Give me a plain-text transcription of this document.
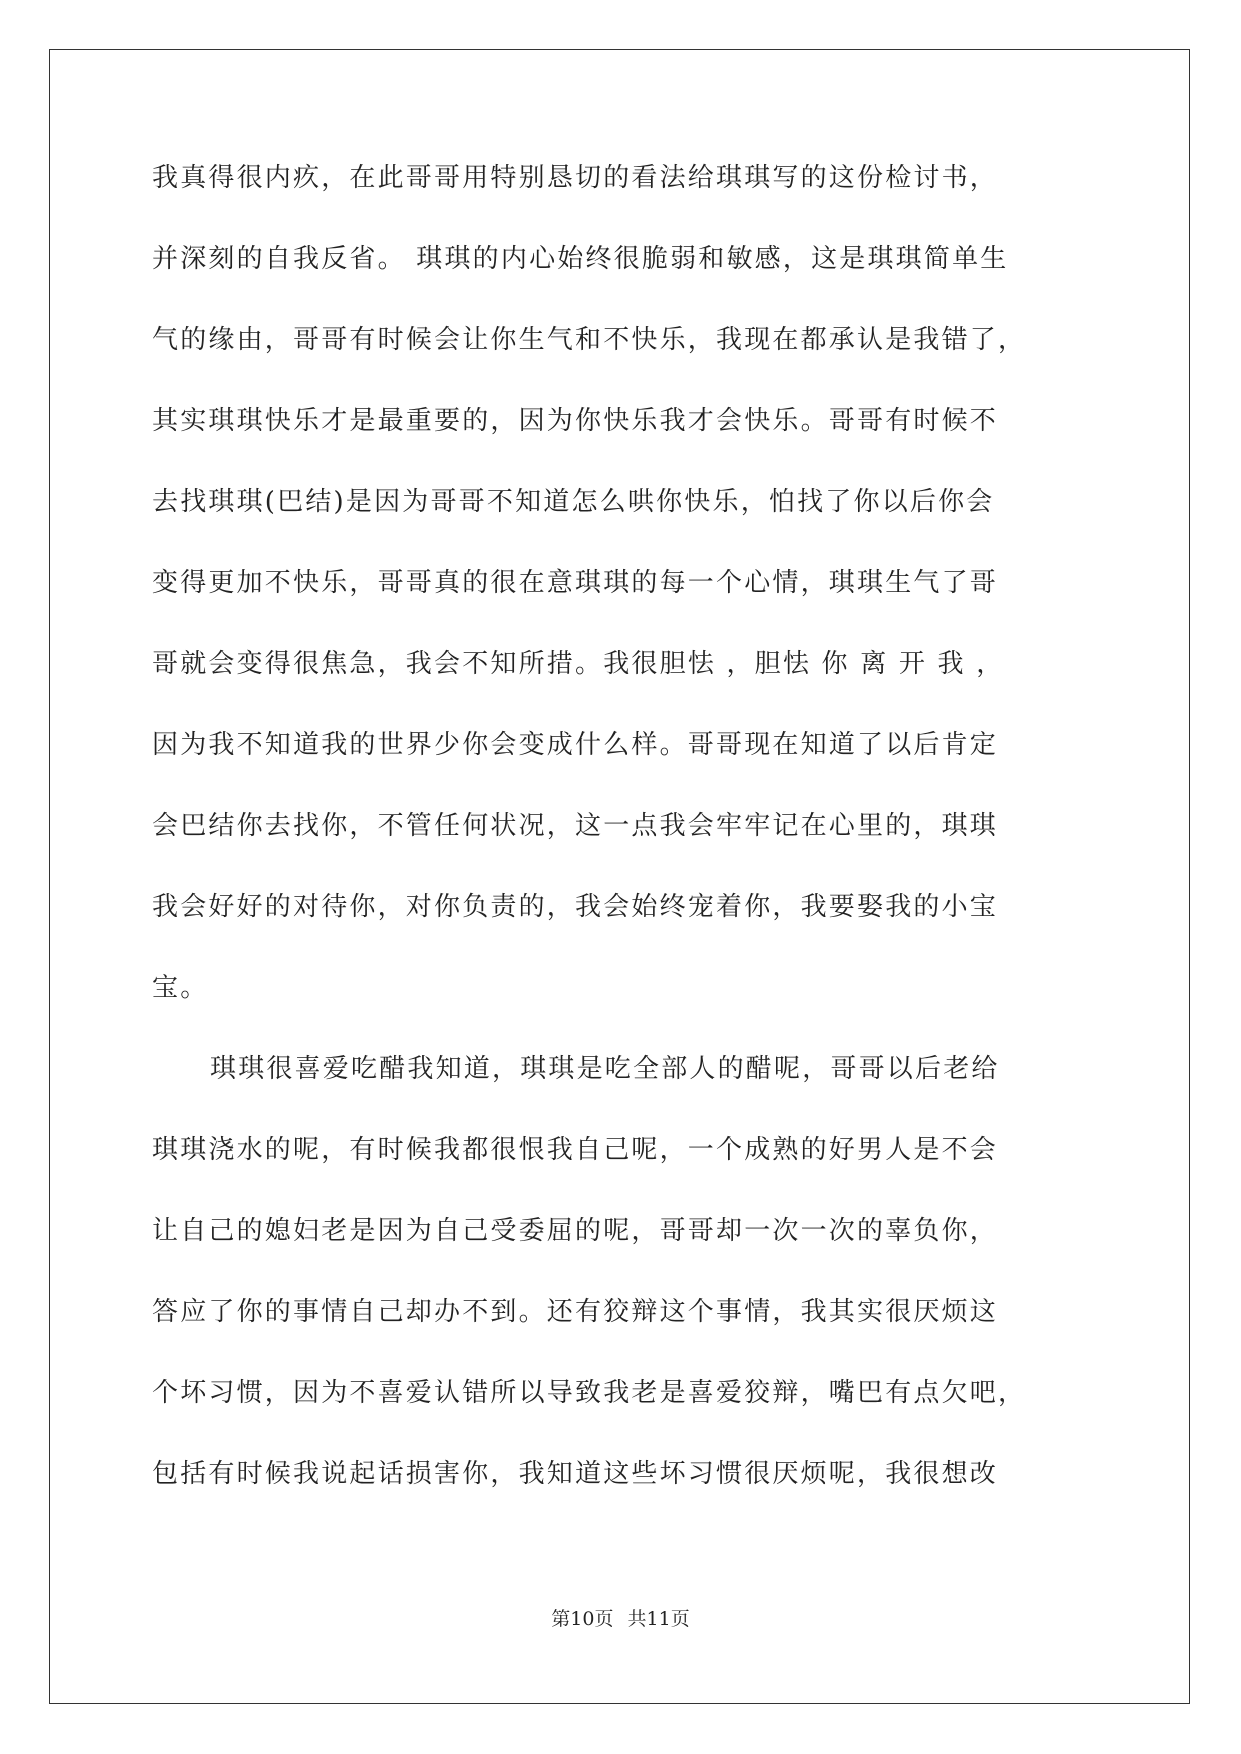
我真得很内疚，在此哥哥用特别恳切的看法给琪琪写的这份检讨书，
并深刻的自我反省。 琪琪的内心始终很脆弱和敏感，这是琪琪简单生
气的缘由，哥哥有时候会让你生气和不快乐，我现在都承认是我错了，
其实琪琪快乐才是最重要的，因为你快乐我才会快乐。哥哥有时候不
去找琪琪(巴结)是因为哥哥不知道怎么哄你快乐，怕找了你以后你会
变得更加不快乐，哥哥真的很在意琪琪的每一个心情，琪琪生气了哥
哥就会变得很焦急，我会不知所措。我很胆怯 ，胆怯 你 离 开 我 ，
因为我不知道我的世界少你会变成什么样。哥哥现在知道了以后肯定
会巴结你去找你，不管任何状况，这一点我会牢牢记在心里的，琪琪
我会好好的对待你，对你负责的，我会始终宠着你，我要娶我的小宝
宝。
琪琪很喜爱吃醋我知道，琪琪是吃全部人的醋呢，哥哥以后老给
琪琪浇水的呢，有时候我都很恨我自己呢，一个成熟的好男人是不会
让自己的媳妇老是因为自己受委屈的呢，哥哥却一次一次的辜负你，
答应了你的事情自己却办不到。还有狡辩这个事情，我其实很厌烦这
个坏习惯，因为不喜爱认错所以导致我老是喜爱狡辩，嘴巴有点欠吧，
包括有时候我说起话损害你，我知道这些坏习惯很厌烦呢，我很想改
第10页 共11页
